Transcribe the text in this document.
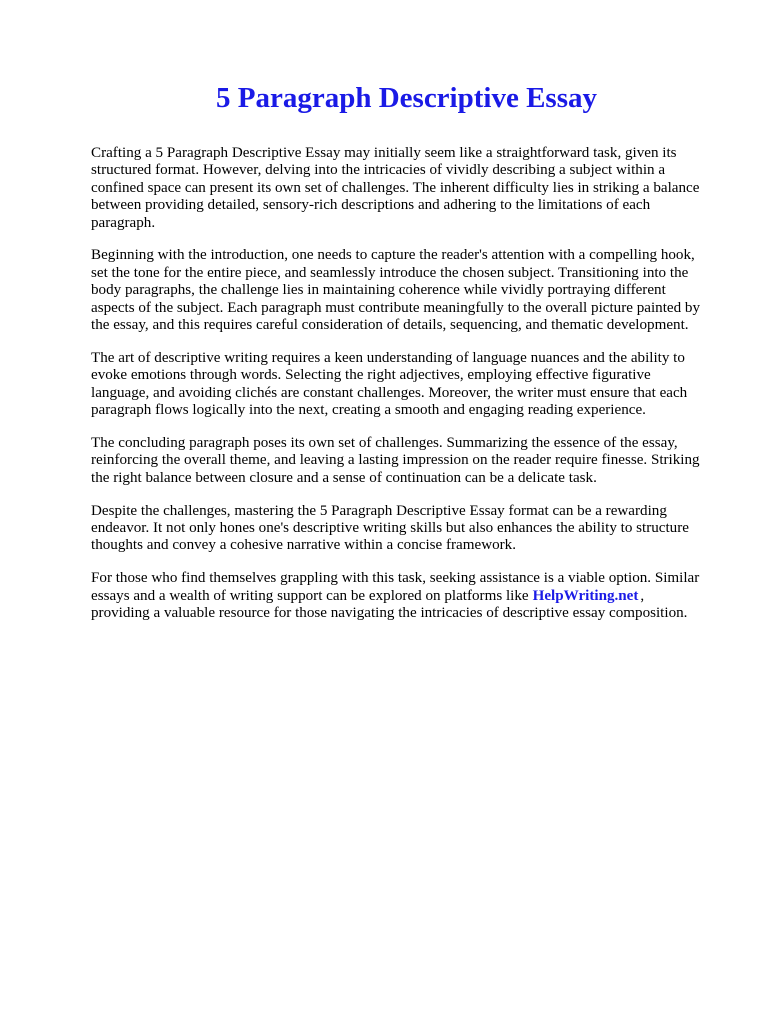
5 Paragraph Descriptive Essay

Crafting a 5 Paragraph Descriptive Essay may initially seem like a straightforward task, given its
structured format. However, delving into the intricacies of vividly describing a subject within a
confined space can present its own set of challenges. The inherent difficulty lies in striking a balance
between providing detailed, sensory-rich descriptions and adhering to the limitations of each
paragraph.

Beginning with the introduction, one needs to capture the reader's attention with a compelling hook,
set the tone for the entire piece, and seamlessly introduce the chosen subject. Transitioning into the
body paragraphs, the challenge lies in maintaining coherence while vividly portraying different
aspects of the subject. Each paragraph must contribute meaningfully to the overall picture painted by
the essay, and this requires careful consideration of details, sequencing, and thematic development.

The art of descriptive writing requires a keen understanding of language nuances and the ability to
evoke emotions through words. Selecting the right adjectives, employing effective figurative
language, and avoiding clichés are constant challenges. Moreover, the writer must ensure that each
paragraph flows logically into the next, creating a smooth and engaging reading experience.

The concluding paragraph poses its own set of challenges. Summarizing the essence of the essay,
reinforcing the overall theme, and leaving a lasting impression on the reader require finesse. Striking
the right balance between closure and a sense of continuation can be a delicate task.

Despite the challenges, mastering the 5 Paragraph Descriptive Essay format can be a rewarding
endeavor. It not only hones one's descriptive writing skills but also enhances the ability to structure
thoughts and convey a cohesive narrative within a concise framework.

For those who find themselves grappling with this task, seeking assistance is a viable option. Similar
essays and a wealth of writing support can be explored on platforms like HelpWriting.net ,
providing a valuable resource for those navigating the intricacies of descriptive essay composition.
